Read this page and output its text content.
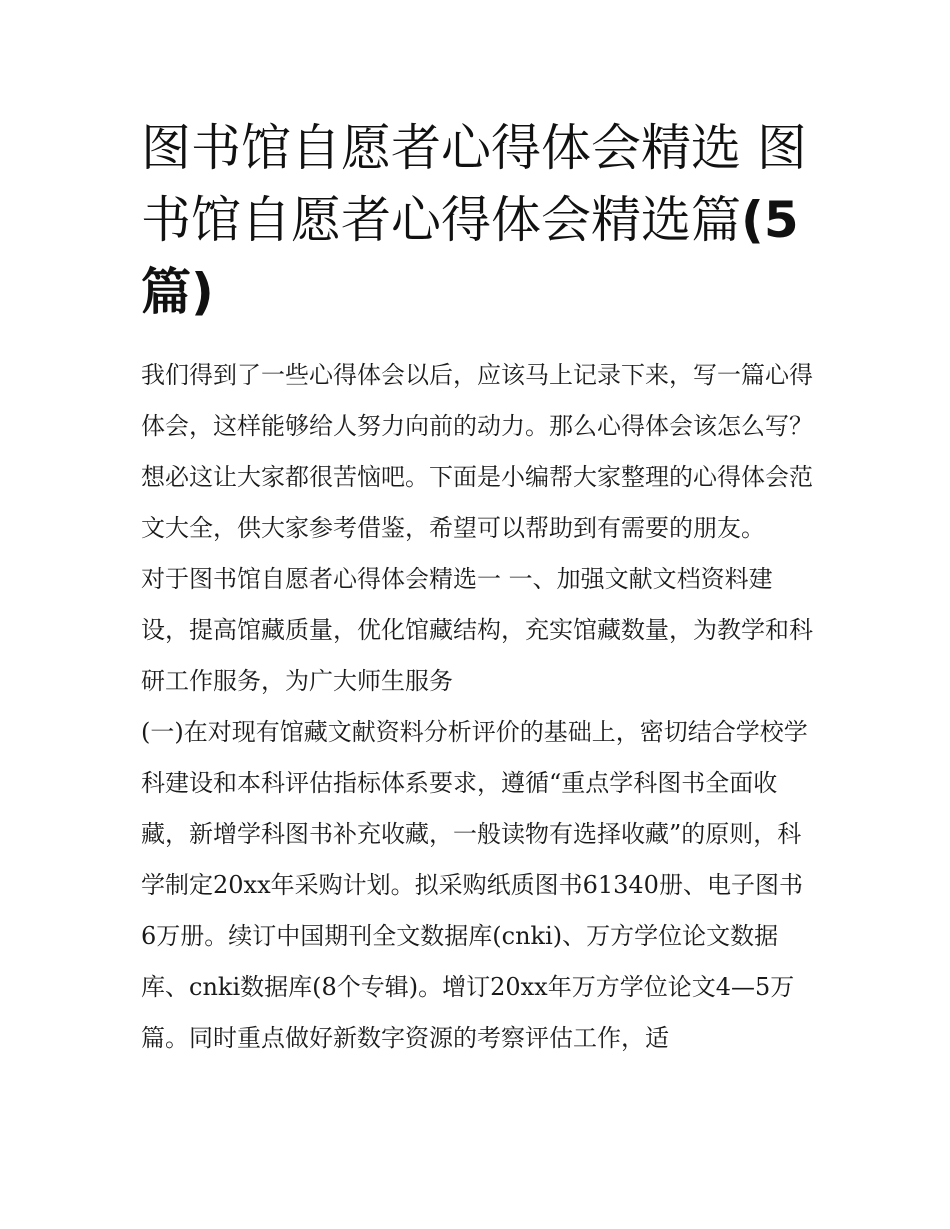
图书馆自愿者心得体会精选 图书馆自愿者心得体会精选篇(5篇)

我们得到了一些心得体会以后，应该马上记录下来，写一篇心得体会，这样能够给人努力向前的动力。那么心得体会该怎么写？想必这让大家都很苦恼吧。下面是小编帮大家整理的心得体会范文大全，供大家参考借鉴，希望可以帮助到有需要的朋友。

对于图书馆自愿者心得体会精选一 一、加强文献文档资料建设，提高馆藏质量，优化馆藏结构，充实馆藏数量，为教学和科研工作服务，为广大师生服务

(一)在对现有馆藏文献资料分析评价的基础上，密切结合学校学科建设和本科评估指标体系要求，遵循“重点学科图书全面收藏，新增学科图书补充收藏，一般读物有选择收藏”的原则，科学制定20xx年采购计划。拟采购纸质图书61340册、电子图书6万册。续订中国期刊全文数据库(cnki)、万方学位论文数据库、cnki数据库(8个专辑)。增订20xx年万方学位论文4—5万篇。同时重点做好新数字资源的考察评估工作，适
